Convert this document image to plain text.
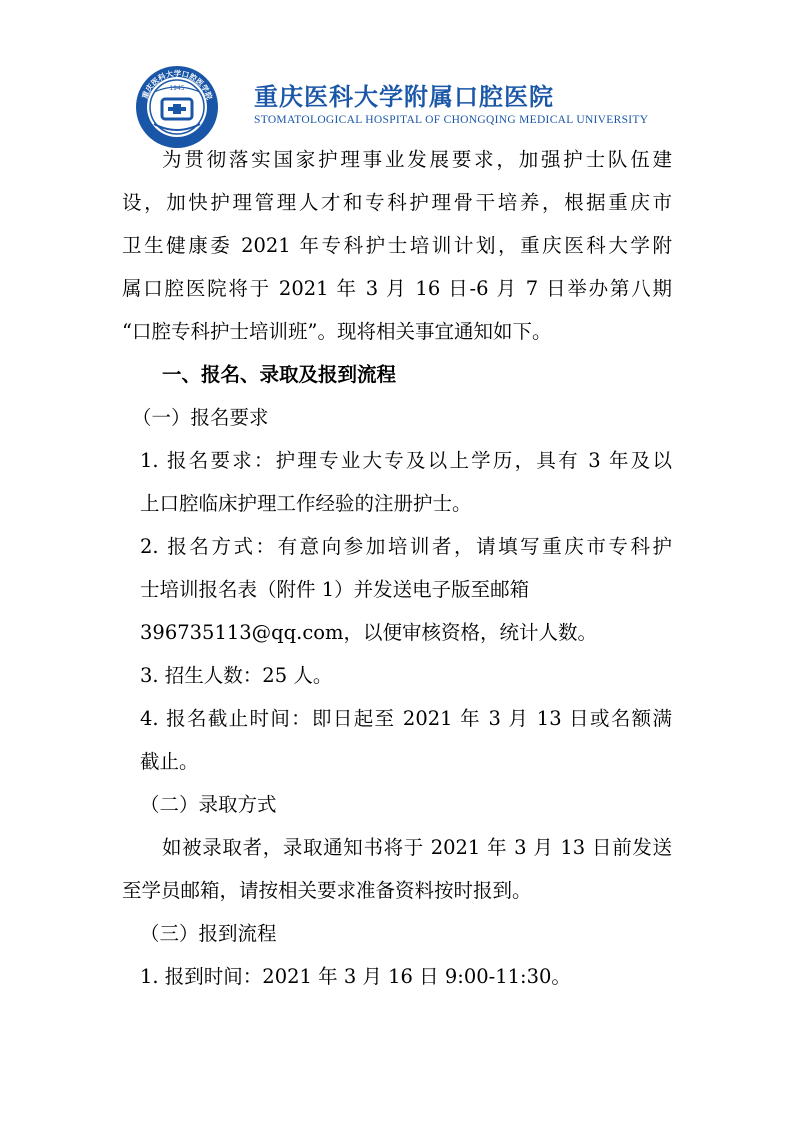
重庆医科大学口腔医学院
1945	重庆医科大学附属口腔医院
STOMATOLOGICAL HOSPITAL OF CHONGQING MEDICAL UNIVERSITY
为贯彻落实国家护理事业发展要求，加强护士队伍建
设，加快护理管理人才和专科护理骨干培养，根据重庆市
卫生健康委 2021 年专科护士培训计划，重庆医科大学附
属口腔医院将于 2021 年 3 月 16 日-6 月 7 日举办第八期
“口腔专科护士培训班”。现将相关事宜通知如下。
一、报名、录取及报到流程
（一）报名要求
1. 报名要求：护理专业大专及以上学历，具有 3 年及以
上口腔临床护理工作经验的注册护士。
2. 报名方式：有意向参加培训者，请填写重庆市专科护
士培训报名表（附件 1）并发送电子版至邮箱
396735113@qq.com，以便审核资格，统计人数。
3. 招生人数：25 人。
4. 报名截止时间：即日起至 2021 年 3 月 13 日或名额满
截止。
（二）录取方式
如被录取者，录取通知书将于 2021 年 3 月 13 日前发送
至学员邮箱，请按相关要求准备资料按时报到。
（三）报到流程
1. 报到时间：2021 年 3 月 16 日 9:00-11:30。
